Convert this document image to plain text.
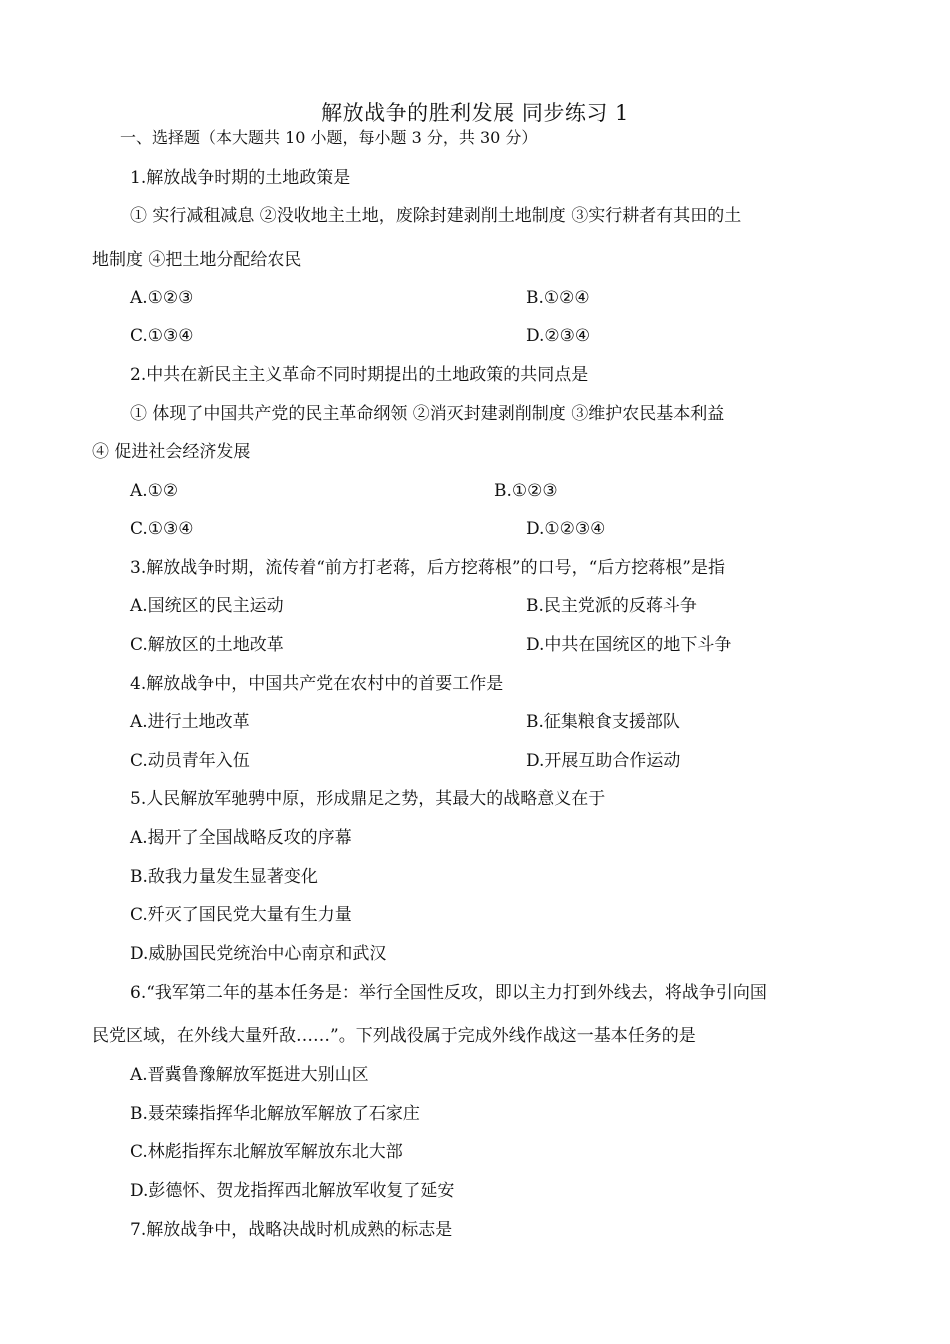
解放战争的胜利发展 同步练习 1
一、选择题（本大题共 10 小题，每小题 3 分，共 30 分）
1.解放战争时期的土地政策是
① 实行减租减息 ②没收地主土地，废除封建剥削土地制度 ③实行耕者有其田的土
地制度 ④把土地分配给农民
A.①②③	B.①②④
C.①③④	D.②③④
2.中共在新民主主义革命不同时期提出的土地政策的共同点是
① 体现了中国共产党的民主革命纲领 ②消灭封建剥削制度 ③维护农民基本利益
④ 促进社会经济发展
A.①②	B.①②③
C.①③④	D.①②③④
3.解放战争时期，流传着“前方打老蒋，后方挖蒋根”的口号，“后方挖蒋根”是指
A.国统区的民主运动	B.民主党派的反蒋斗争
C.解放区的土地改革	D.中共在国统区的地下斗争
4.解放战争中，中国共产党在农村中的首要工作是
A.进行土地改革	B.征集粮食支援部队
C.动员青年入伍	D.开展互助合作运动
5.人民解放军驰骋中原，形成鼎足之势，其最大的战略意义在于
A.揭开了全国战略反攻的序幕
B.敌我力量发生显著变化
C.歼灭了国民党大量有生力量
D.威胁国民党统治中心南京和武汉
6.“我军第二年的基本任务是：举行全国性反攻，即以主力打到外线去，将战争引向国
民党区域，在外线大量歼敌……”。下列战役属于完成外线作战这一基本任务的是
A.晋冀鲁豫解放军挺进大别山区
B.聂荣臻指挥华北解放军解放了石家庄
C.林彪指挥东北解放军解放东北大部
D.彭德怀、贺龙指挥西北解放军收复了延安
7.解放战争中，战略决战时机成熟的标志是
